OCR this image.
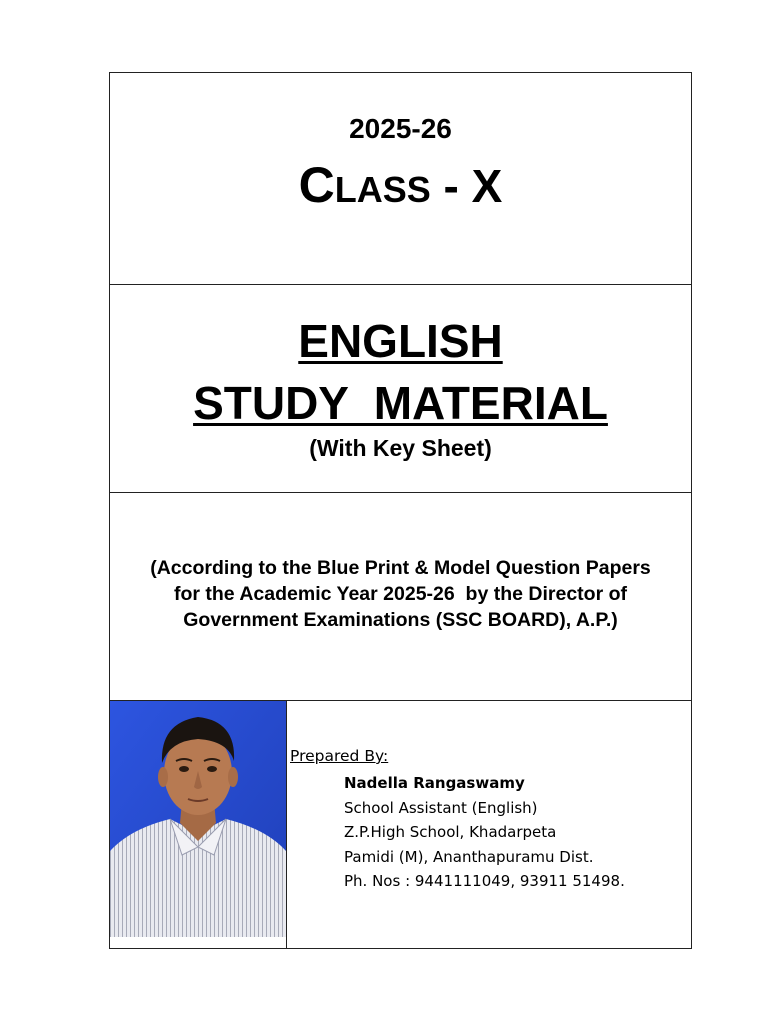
2025-26
CLASS - X
ENGLISH
STUDY  MATERIAL
(With Key Sheet)
(According to the Blue Print & Model Question Papers
for the Academic Year 2025-26  by the Director of
Government Examinations (SSC BOARD), A.P.)
Prepared By:
Nadella Rangaswamy
School Assistant (English)
Z.P.High School, Khadarpeta
Pamidi (M), Ananthapuramu Dist.
Ph. Nos : 9441111049, 93911 51498.
